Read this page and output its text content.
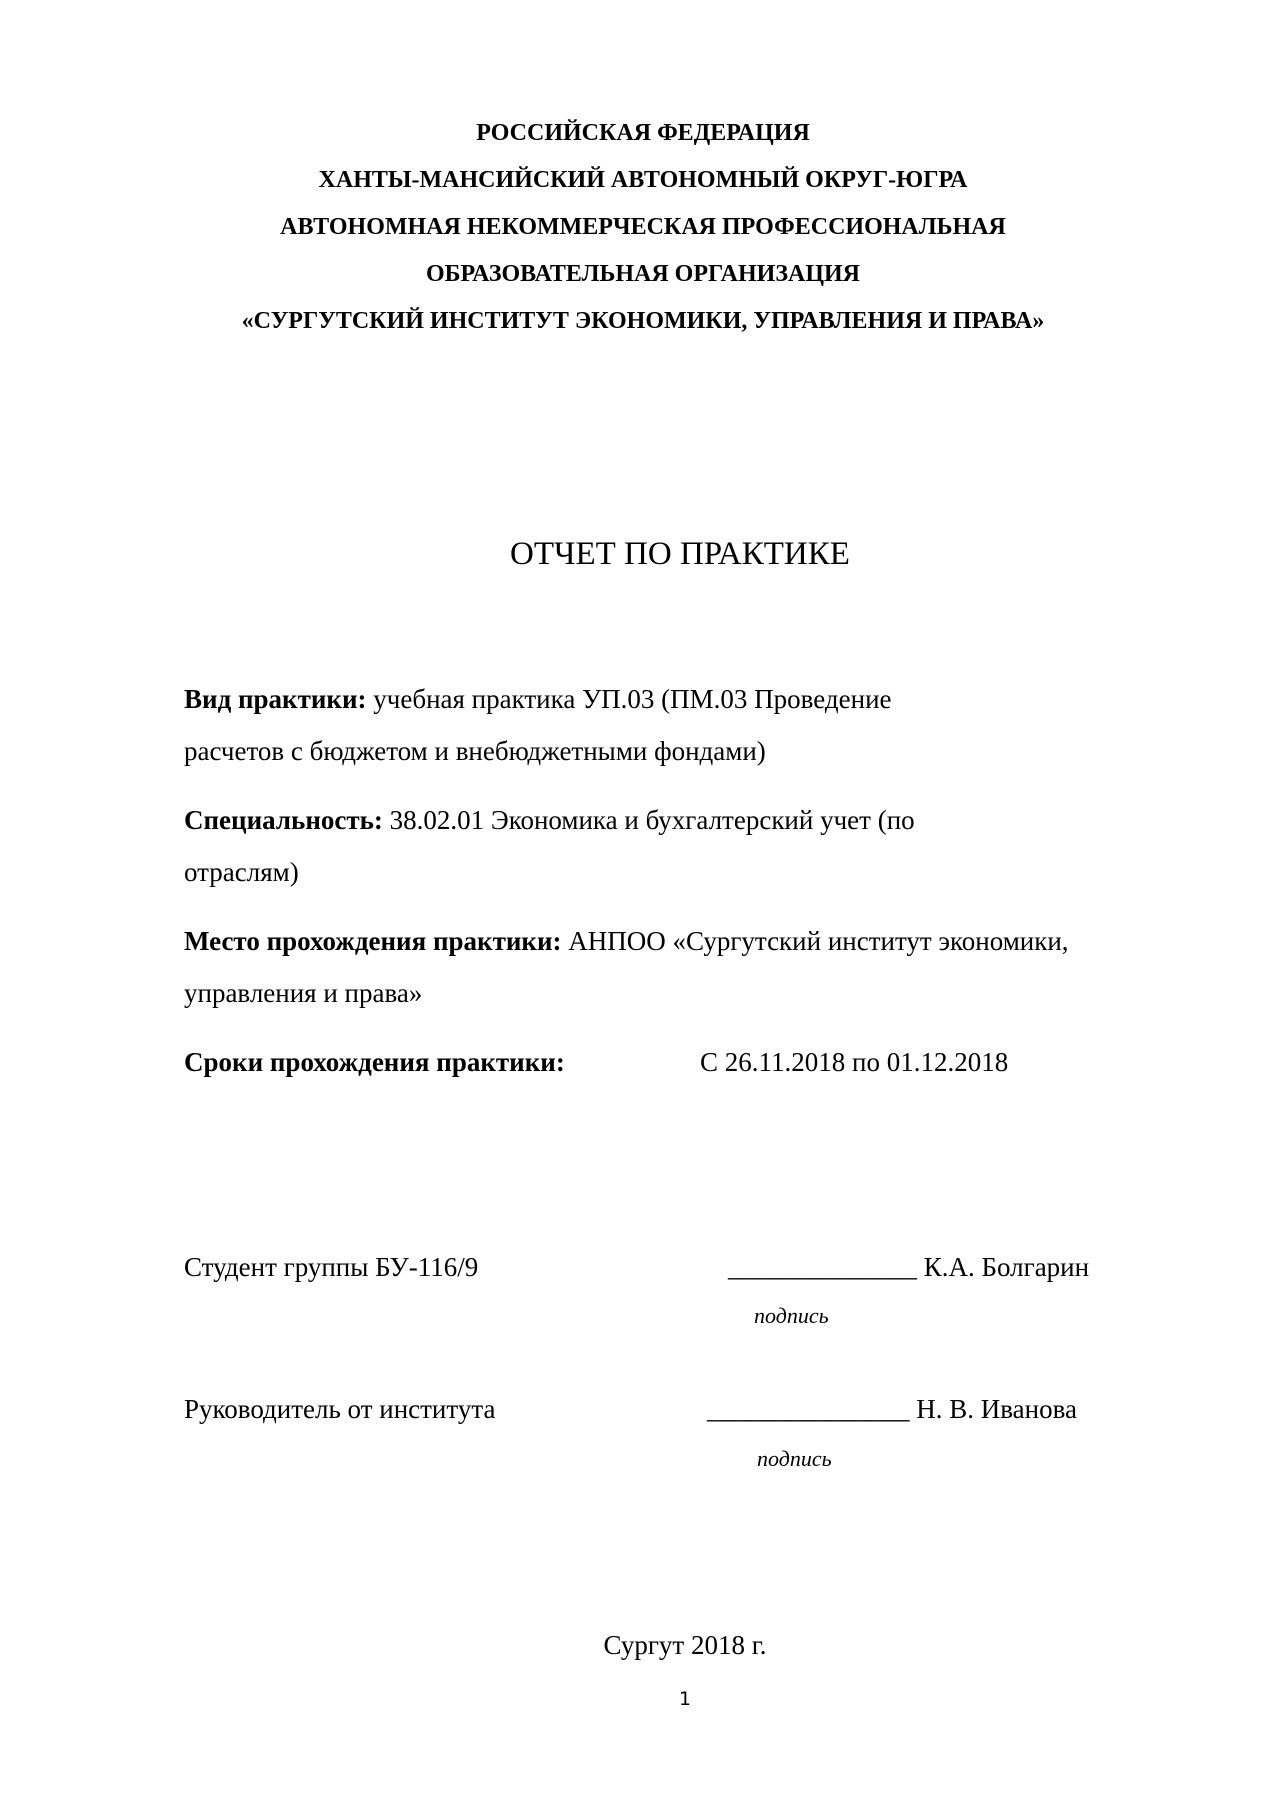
РОССИЙСКАЯ ФЕДЕРАЦИЯ
ХАНТЫ-МАНСИЙСКИЙ АВТОНОМНЫЙ ОКРУГ-ЮГРА
АВТОНОМНАЯ НЕКОММЕРЧЕСКАЯ ПРОФЕССИОНАЛЬНАЯ
ОБРАЗОВАТЕЛЬНАЯ ОРГАНИЗАЦИЯ
«СУРГУТСКИЙ ИНСТИТУТ ЭКОНОМИКИ, УПРАВЛЕНИЯ И ПРАВА»
ОТЧЕТ ПО ПРАКТИКЕ
Вид практики: учебная практика УП.03 (ПМ.03 Проведение
расчетов с бюджетом и внебюджетными фондами)
Специальность: 38.02.01 Экономика и бухгалтерский учет (по
отраслям)
Место прохождения практики: АНПОО «Сургутский институт экономики,
управления и права»
Сроки прохождения практики:	С 26.11.2018 по 01.12.2018
Студент группы БУ-116/9	______________ К.А. Болгарин
подпись
Руководитель от института	_______________ Н. В. Иванова
подпись
Сургут 2018 г.
1
